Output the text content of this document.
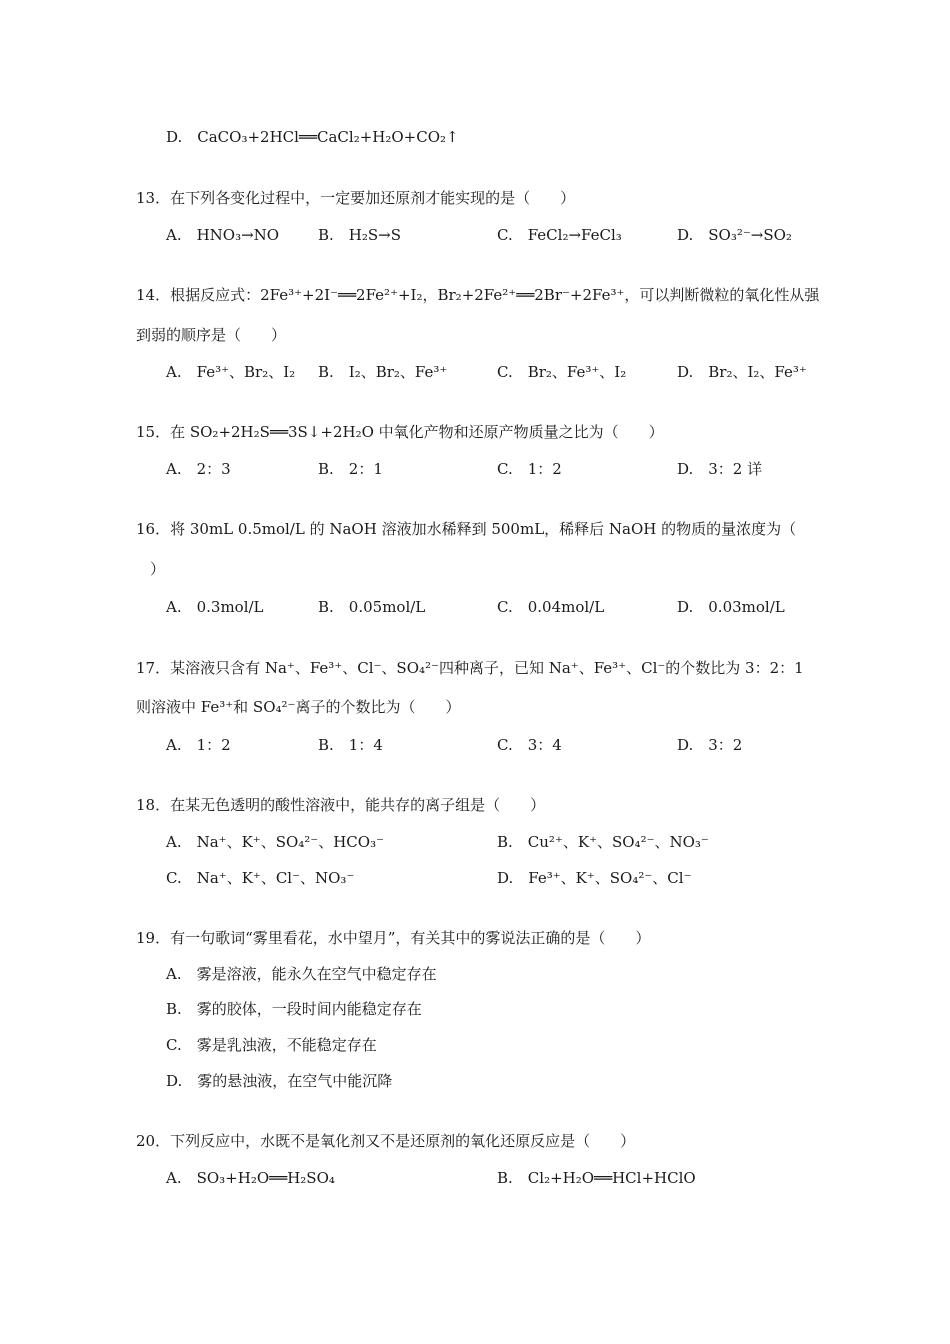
D.　CaCO₃+2HCl══CaCl₂+H₂O+CO₂↑
13．在下列各变化过程中，一定要加还原剂才能实现的是（　　）
A.　HNO₃→NO	B.　H₂S→S	C.　FeCl₂→FeCl₃	D.　SO₃²⁻→SO₂
14．根据反应式：2Fe³⁺+2I⁻══2Fe²⁺+I₂，Br₂+2Fe²⁺══2Br⁻+2Fe³⁺，可以判断微粒的氧化性从强
到弱的顺序是（　　）
A.　Fe³⁺、Br₂、I₂ B.　I₂、Br₂、Fe³⁺	C.　Br₂、Fe³⁺、I₂	D.　Br₂、I₂、Fe³⁺
15．在 SO₂+2H₂S══3S↓+2H₂O 中氧化产物和还原产物质量之比为（　　）
A.　2：3	B.　2：1	C.　1：2	D.　3：2 详
16．将 30mL 0.5mol/L 的 NaOH 溶液加水稀释到 500mL，稀释后 NaOH 的物质的量浓度为（
）
A.　0.3mol/L	B.　0.05mol/L	C.　0.04mol/L	D.　0.03mol/L
17．某溶液只含有 Na⁺、Fe³⁺、Cl⁻、SO₄²⁻四种离子，已知 Na⁺、Fe³⁺、Cl⁻的个数比为 3：2：1
则溶液中 Fe³⁺和 SO₄²⁻离子的个数比为（　　）
A.　1：2	B.　1：4	C.　3：4	D.　3：2
18．在某无色透明的酸性溶液中，能共存的离子组是（　　）
A.　Na⁺、K⁺、SO₄²⁻、HCO₃⁻	B.　Cu²⁺、K⁺、SO₄²⁻、NO₃⁻
C.　Na⁺、K⁺、Cl⁻、NO₃⁻	D.　Fe³⁺、K⁺、SO₄²⁻、Cl⁻
19．有一句歌词“雾里看花，水中望月”，有关其中的雾说法正确的是（　　）
A.　雾是溶液，能永久在空气中稳定存在
B.　雾的胶体，一段时间内能稳定存在
C.　雾是乳浊液，不能稳定存在
D.　雾的悬浊液，在空气中能沉降
20．下列反应中，水既不是氧化剂又不是还原剂的氧化还原反应是（　　）
A.　SO₃+H₂O══H₂SO₄	B.　Cl₂+H₂O══HCl+HClO
